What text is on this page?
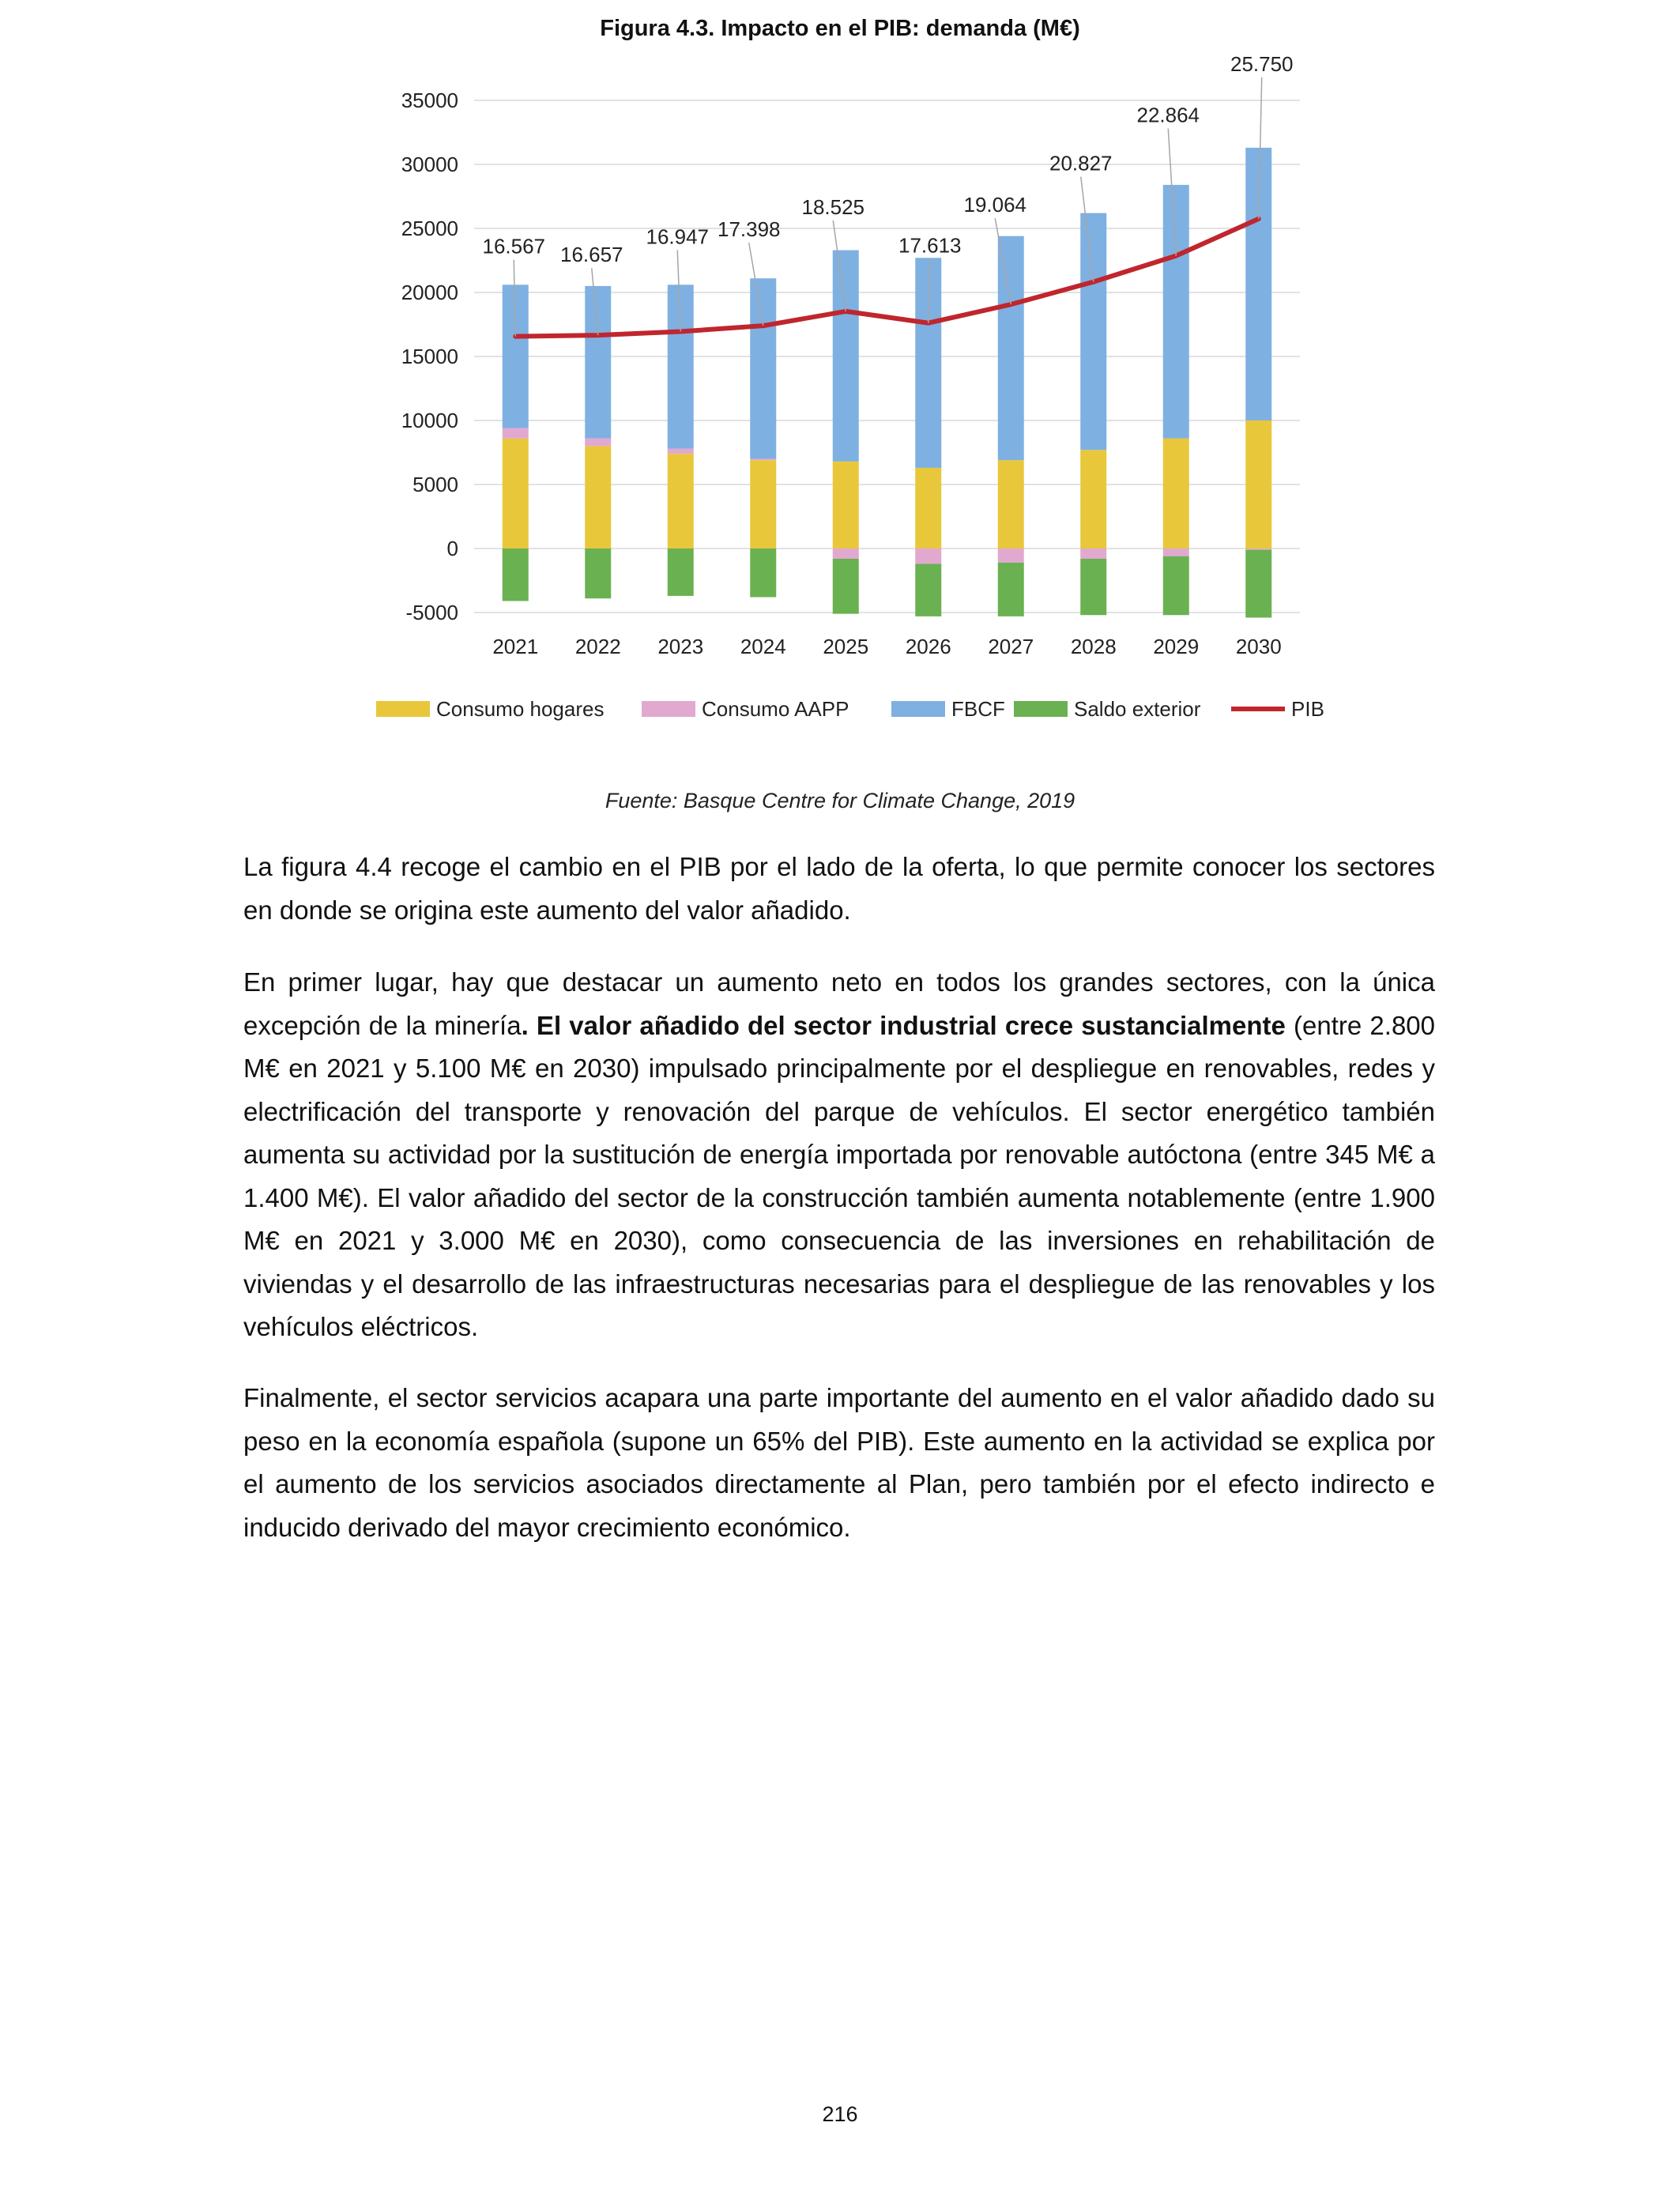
Figura 4.3. Impacto en el PIB: demanda (M€)
-5000
0
5000
10000
15000
20000
25000
30000
35000
2021 2022 2023 2024 2025 2026 2027 2028 2029 2030
16.567 16.657
16.947 17.398
18.525
17.613
19.064
20.827
22.864
25.750
Consumo hogares	Consumo AAPP	FBCF	Saldo exterior	PIB
Fuente: Basque Centre for Climate Change, 2019

La figura 4.4 recoge el cambio en el PIB por el lado de la oferta, lo que permite conocer los sectores en donde se origina este aumento del valor añadido.

En primer lugar, hay que destacar un aumento neto en todos los grandes sectores, con la única excepción de la minería. El valor añadido del sector industrial crece sustancialmente (entre 2.800 M€ en 2021 y 5.100 M€ en 2030) impulsado principalmente por el despliegue en renovables, redes y electrificación del transporte y renovación del parque de vehículos. El sector energético también aumenta su actividad por la sustitución de energía importada por renovable autóctona (entre 345 M€ a 1.400 M€). El valor añadido del sector de la construcción también aumenta notablemente (entre 1.900 M€ en 2021 y 3.000 M€ en 2030), como consecuencia de las inversiones en rehabilitación de viviendas y el desarrollo de las infraestructuras necesarias para el despliegue de las renovables y los vehículos eléctricos.

Finalmente, el sector servicios acapara una parte importante del aumento en el valor añadido dado su peso en la economía española (supone un 65% del PIB). Este aumento en la actividad se explica por el aumento de los servicios asociados directamente al Plan, pero también por el efecto indirecto e inducido derivado del mayor crecimiento económico.

216
